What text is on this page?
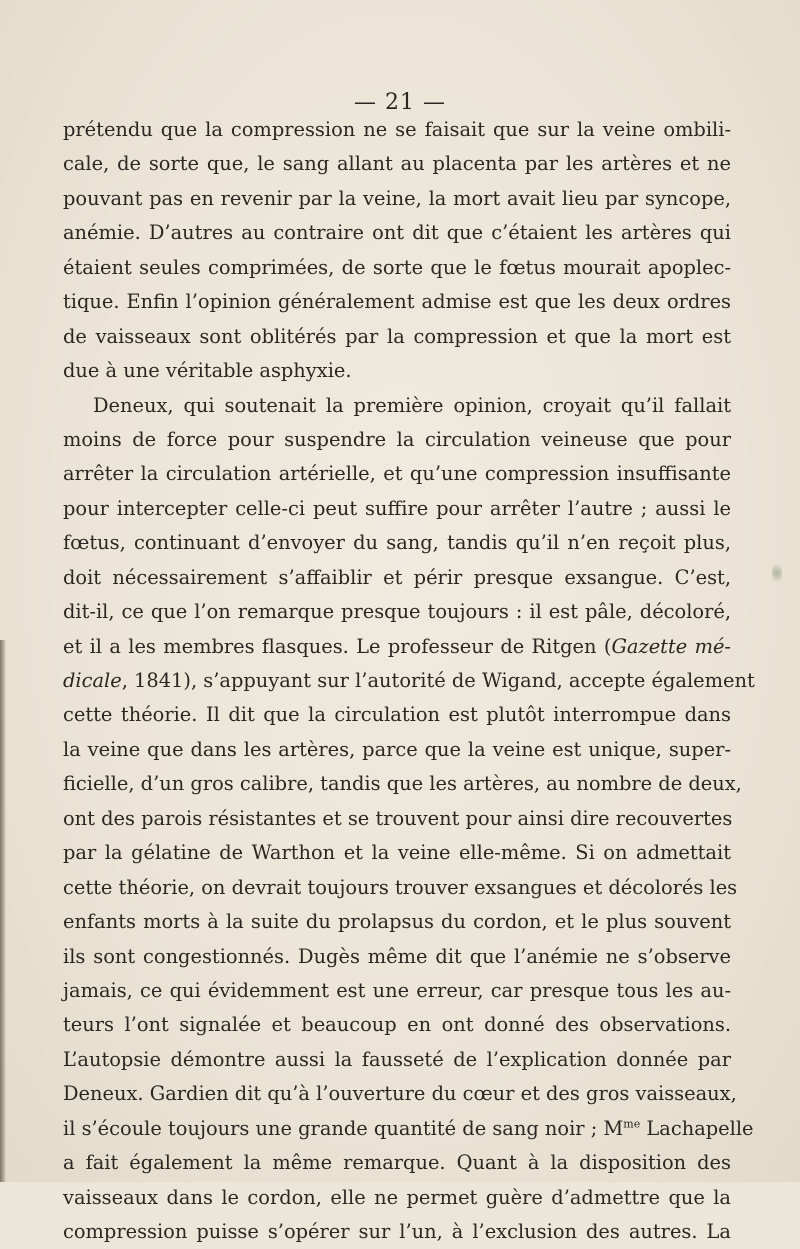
— 21 —
prétendu que la compression ne se faisait que sur la veine ombili-
cale, de sorte que, le sang allant au placenta par les artères et ne
pouvant pas en revenir par la veine, la mort avait lieu par syncope,
anémie. D’autres au contraire ont dit que c’étaient les artères qui
étaient seules comprimées, de sorte que le fœtus mourait apoplec-
tique. Enfin l’opinion généralement admise est que les deux ordres
de vaisseaux sont oblitérés par la compression et que la mort est
due à une véritable asphyxie.
Deneux, qui soutenait la première opinion, croyait qu’il fallait
moins de force pour suspendre la circulation veineuse que pour
arrêter la circulation artérielle, et qu’une compression insuffisante
pour intercepter celle-ci peut suffire pour arrêter l’autre ; aussi le
fœtus, continuant d’envoyer du sang, tandis qu’il n’en reçoit plus,
doit nécessairement s’affaiblir et périr presque exsangue. C’est,
dit-il, ce que l’on remarque presque toujours : il est pâle, décoloré,
et il a les membres flasques. Le professeur de Ritgen (Gazette mé-
dicale, 1841), s’appuyant sur l’autorité de Wigand, accepte également
cette théorie. Il dit que la circulation est plutôt interrompue dans
la veine que dans les artères, parce que la veine est unique, super-
ficielle, d’un gros calibre, tandis que les artères, au nombre de deux,
ont des parois résistantes et se trouvent pour ainsi dire recouvertes
par la gélatine de Warthon et la veine elle-même. Si on admettait
cette théorie, on devrait toujours trouver exsangues et décolorés les
enfants morts à la suite du prolapsus du cordon, et le plus souvent
ils sont congestionnés. Dugès même dit que l’anémie ne s’observe
jamais, ce qui évidemment est une erreur, car presque tous les au-
teurs l’ont signalée et beaucoup en ont donné des observations.
L’autopsie démontre aussi la fausseté de l’explication donnée par
Deneux. Gardien dit qu’à l’ouverture du cœur et des gros vaisseaux,
il s’écoule toujours une grande quantité de sang noir ; $M^{me}$ Lachapelle
a fait également la même remarque. Quant à la disposition des
vaisseaux dans le cordon, elle ne permet guère d’admettre que la
compression puisse s’opérer sur l’un, à l’exclusion des autres. La
